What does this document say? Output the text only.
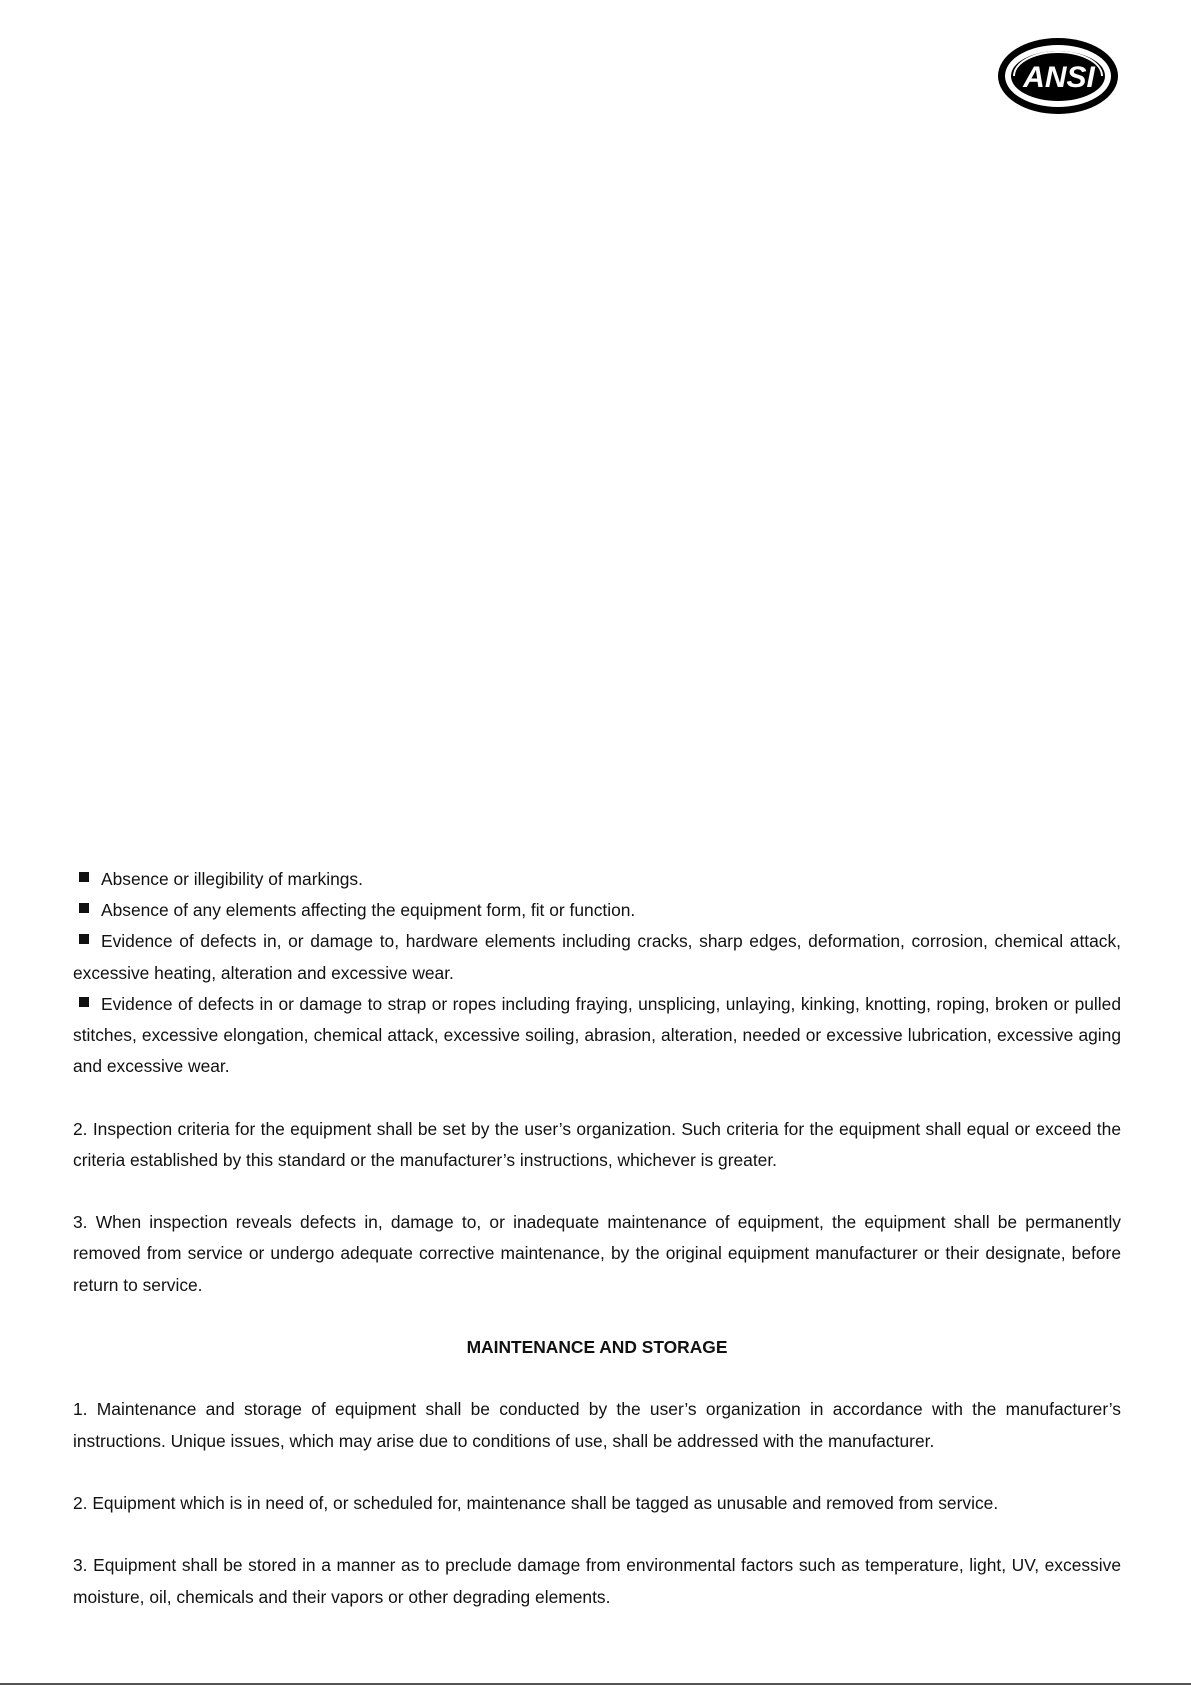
ANSI

Absence or illegibility of markings.

Absence of any elements affecting the equipment form, fit or function.

Evidence of defects in, or damage to, hardware elements including cracks, sharp edges, deformation, corrosion, chemical attack, excessive heating, alteration and excessive wear.

Evidence of defects in or damage to strap or ropes including fraying, unsplicing, unlaying, kinking, knotting, roping, broken or pulled stitches, excessive elongation, chemical attack, excessive soiling, abrasion, alteration, needed or excessive lubrication, excessive aging and excessive wear.

2. Inspection criteria for the equipment shall be set by the user’s organization. Such criteria for the equipment shall equal or exceed the criteria established by this standard or the manufacturer’s instructions, whichever is greater.

3. When inspection reveals defects in, damage to, or inadequate maintenance of equipment, the equipment shall be permanently removed from service or undergo adequate corrective maintenance, by the original equipment manufacturer or their designate, before return to service.

MAINTENANCE AND STORAGE

1. Maintenance and storage of equipment shall be conducted by the user’s organization in accordance with the manufacturer’s instructions. Unique issues, which may arise due to conditions of use, shall be addressed with the manufacturer.

2. Equipment which is in need of, or scheduled for, maintenance shall be tagged as unusable and removed from service.

3. Equipment shall be stored in a manner as to preclude damage from environmental factors such as temperature, light, UV, excessive moisture, oil, chemicals and their vapors or other degrading elements.
